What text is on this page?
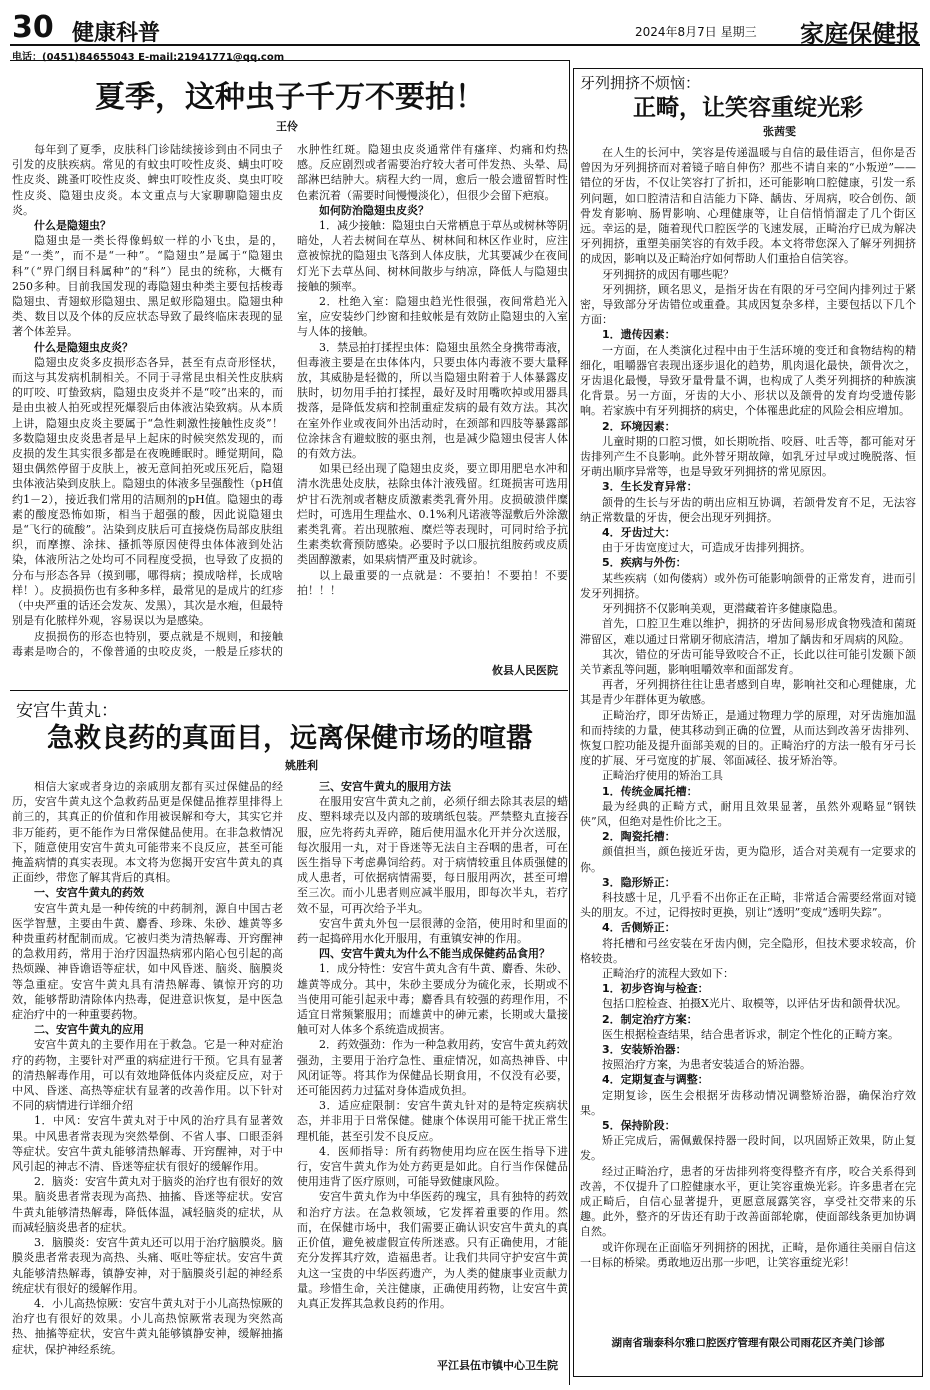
30 健康科普	2024年8月7日 星期三 家庭保健报
电话：(0451)84655043 E-mail:21941771@qq.com
夏季，这种虫子千万不要拍！
王伶

每年到了夏季，皮肤科门诊陆续接诊到由不同虫子引发的皮肤疾病。常见的有蚊虫叮咬性皮炎、螨虫叮咬性皮炎、跳蚤叮咬性皮炎、蜱虫叮咬性皮炎、臭虫叮咬性皮炎、隐翅虫皮炎。本文重点与大家聊聊隐翅虫皮炎。

什么是隐翅虫？

隐翅虫是一类长得像蚂蚁一样的小飞虫，是的，是“一类”，而不是“一种”。“隐翅虫”是属于“隐翅虫科”（“界门纲目科属种”的“科”）昆虫的统称，大概有250多种。目前我国发现的毒隐翅虫种类主要包括梭毒隐翅虫、青翅蚁形隐翅虫、黑足蚁形隐翅虫。隐翅虫种类、数目以及个体的反应状态导致了最终临床表现的显著个体差异。

什么是隐翅虫皮炎？

隐翅虫皮炎多皮损形态各异，甚至有点奇形怪状，而这与其发病机制相关。不同于寻常昆虫相关性皮肤病的叮咬、叮蛰致病，隐翅虫皮炎并不是“咬”出来的，而是由虫被人拍死或捏死爆裂后由体液沾染致病。从本质上讲，隐翅虫皮炎主要属于“急性刺激性接触性皮炎”！多数隐翅虫皮炎患者是早上起床的时候突然发现的，而皮损的发生其实很多都是在夜晚睡眠时。睡觉期间，隐翅虫偶然停留于皮肤上，被无意间拍死或压死后，隐翅虫体液沾染到皮肤上。隐翅虫的体液多呈强酸性（pH值约1－2），接近我们常用的洁厕剂的pH值。隐翅虫的毒素的酸度恐怖如斯，相当于超强的酸，因此说隐翅虫是“飞行的硫酸”。沾染到皮肤后可直接烧伤局部皮肤组织，而摩擦、涂抹、搔抓等原因使得虫体体液到处沾染，体液所沾之处均可不同程度受损，也导致了皮损的分布与形态各异（摸到哪，哪得病；摸成啥样，长成啥样！）。皮损损伤也有多种多样，最常见的是成片的红疹（中央严重的话还会发灰、发黑），其次是水疱，但最特别是有化脓样外观，容易误以为是感染。

皮损损伤的形态也特别，要点就是不规则，和接触毒素是吻合的，不像普通的虫咬皮炎，一般是丘疹状的水肿性红斑。隐翅虫皮炎通常伴有瘙痒、灼痛和灼热感。反应剧烈或者需要治疗较大者可伴发热、头晕、局部淋巴结肿大。病程大约一周，愈后一般会遗留暂时性色素沉着（需要时间慢慢淡化），但很少会留下疤痕。

如何防治隐翅虫皮炎？

1．减少接触：隐翅虫白天常栖息于草丛或树林等阴暗处，人若去树间在草丛、树林间和林区作业时，应注意被惊扰的隐翅虫飞落到人体皮肤，尤其要减少在夜间灯光下去草丛间、树林间散步与纳凉，降低人与隐翅虫接触的频率。

2．杜绝入室：隐翅虫趋光性很强，夜间常趋光入室，应安装纱门纱窗和挂蚊帐是有效防止隐翅虫的入室与人体的接触。

3．禁忌拍打揉捏虫体：隐翅虫虽然全身携带毒液，但毒液主要是在虫体体内，只要虫体内毒液不要大量释放，其威胁是轻微的，所以当隐翅虫附着于人体暴露皮肤时，切勿用手拍打揉捏，最好及时用嘴吹掉或用器具拨落，是降低发病和控制重症发病的最有效方法。其次在室外作业或夜间外出活动时，在颈部和四肢等暴露部位涂抹含有避蚊胺的驱虫剂，也是减少隐翅虫侵害人体的有效方法。

如果已经出现了隐翅虫皮炎，要立即用肥皂水冲和清水洗患处皮肤，祛除虫体汁液残留。红斑损害可选用炉甘石洗剂或者糖皮质激素类乳膏外用。皮损破溃伴糜烂时，可选用生理盐水、0.1%利凡诺液等湿敷后外涂激素类乳膏。若出现脓疱、糜烂等表现时，可同时给予抗生素类软膏预防感染。必要时予以口服抗组胺药或皮质类固醇激素，如果病情严重及时就诊。

以上最重要的一点就是：不要拍！不要拍！不要拍！！！

攸县人民医院
安宫牛黄丸：
急救良药的真面目，远离保健市场的喧嚣
姚胜利

相信大家或者身边的亲戚朋友都有买过保健品的经历，安宫牛黄丸这个急救药品更是保健品推荐里排得上前三的，其真正的价值和作用被误解和夸大，其实它并非万能药，更不能作为日常保健品使用。在非急救情况下，随意使用安宫牛黄丸可能带来不良反应，甚至可能掩盖病情的真实表现。本文将为您揭开安宫牛黄丸的真正面纱，带您了解其背后的真相。

一、安宫牛黄丸的药效

安宫牛黄丸是一种传统的中药制剂，源自中国古老医学智慧，主要由牛黄、麝香、珍珠、朱砂、雄黄等多种贵重药材配制而成。它被归类为清热解毒、开窍醒神的急救用药，常用于治疗因温热病邪内陷心包引起的高热烦躁、神昏谵语等症状，如中风昏迷、脑炎、脑膜炎等急重症。安宫牛黄丸具有清热解毒、镇惊开窍的功效，能够帮助清除体内热毒，促进意识恢复，是中医急症治疗中的一种重要药物。

二、安宫牛黄丸的应用

安宫牛黄丸的主要作用在于救急。它是一种对症治疗的药物，主要针对严重的病症进行干预。它具有显著的清热解毒作用，可以有效地降低体内炎症反应，对于中风、昏迷、高热等症状有显著的改善作用。以下针对不同的病情进行详细介绍

1．中风：安宫牛黄丸对于中风的治疗具有显著效果。中风患者常表现为突然晕倒、不省人事、口眼歪斜等症状。安宫牛黄丸能够清热解毒、开窍醒神，对于中风引起的神志不清、昏迷等症状有很好的缓解作用。

2．脑炎：安宫牛黄丸对于脑炎的治疗也有很好的效果。脑炎患者常表现为高热、抽搐、昏迷等症状。安宫牛黄丸能够清热解毒，降低体温，减轻脑炎的症状，从而减轻脑炎患者的症状。

3．脑膜炎：安宫牛黄丸还可以用于治疗脑膜炎。脑膜炎患者常表现为高热、头痛、呕吐等症状。安宫牛黄丸能够清热解毒，镇静安神，对于脑膜炎引起的神经系统症状有很好的缓解作用。

4．小儿高热惊厥：安宫牛黄丸对于小儿高热惊厥的治疗也有很好的效果。小儿高热惊厥常表现为突然高热、抽搐等症状，安宫牛黄丸能够镇静安神，缓解抽搐症状，保护神经系统。

三、安宫牛黄丸的服用方法

在服用安宫牛黄丸之前，必须仔细去除其表层的蜡皮、塑料球壳以及内部的玻璃纸包装。严禁整丸直接吞服，应先将药丸弄碎，随后使用温水化开并分次送服，每次服用一丸，对于昏迷等无法自主吞咽的患者，可在医生指导下考虑鼻饲给药。对于病情较重且体质强健的成人患者，可依据病情需要，每日服用两次，甚至可增至三次。而小儿患者则应减半服用，即每次半丸，若疗效不显，可再次给予半丸。

安宫牛黄丸外包一层很薄的金箔，使用时和里面的药一起捣碎用水化开服用，有重镇安神的作用。

四、安宫牛黄丸为什么不能当成保健药品食用？

1．成分特性：安宫牛黄丸含有牛黄、麝香、朱砂、雄黄等成分。其中，朱砂主要成分为硫化汞，长期或不当使用可能引起汞中毒；麝香具有较强的药理作用，不适宜日常频繁服用；而雄黄中的砷元素，长期或大量接触可对人体多个系统造成损害。

2．药效强劲：作为一种急救用药，安宫牛黄丸药效强劲，主要用于治疗急性、重症情况，如高热神昏、中风闭证等。将其作为保健品长期食用，不仅没有必要，还可能因药力过猛对身体造成负担。

3．适应症限制：安宫牛黄丸针对的是特定疾病状态，并非用于日常保健。健康个体误用可能干扰正常生理机能，甚至引发不良反应。

4．医师指导：所有药物使用均应在医生指导下进行，安宫牛黄丸作为处方药更是如此。自行当作保健品使用违背了医疗原则，可能导致健康风险。

安宫牛黄丸作为中华医药的瑰宝，具有独特的药效和治疗方法。在急救领域，它发挥着重要的作用。然而，在保健市场中，我们需要正确认识安宫牛黄丸的真正价值，避免被虚假宣传所迷惑。只有正确使用，才能充分发挥其疗效，造福患者。让我们共同守护安宫牛黄丸这一宝贵的中华医药遗产，为人类的健康事业贡献力量。珍惜生命，关注健康，正确使用药物，让安宫牛黄丸真正发挥其急救良药的作用。

平江县伍市镇中心卫生院
牙列拥挤不烦恼：
正畸，让笑容重绽光彩
张茜雯

在人生的长河中，笑容是传递温暖与自信的最佳语言，但你是否曾因为牙列拥挤而对着镜子暗自伸伤？那些不请自来的“小叛逆”——错位的牙齿，不仅让笑容打了折扣，还可能影响口腔健康，引发一系列问题，如口腔清洁和自洁能力下降、龋齿、牙周病，咬合创伤、颌骨发育影响、肠胃影响、心理健康等，让自信悄悄溜走了几个街区远。幸运的是，随着现代口腔医学的飞速发展，正畸治疗已成为解决牙列拥挤，重塑美丽笑容的有效手段。本文将带您深入了解牙列拥挤的成因，影响以及正畸治疗如何帮助人们重拾自信笑容。

牙列拥挤的成因有哪些呢？

牙列拥挤，顾名思义，是指牙齿在有限的牙弓空间内排列过于紧密，导致部分牙齿错位或重叠。其成因复杂多样，主要包括以下几个方面：

1．遗传因素：

一方面，在人类演化过程中由于生活环境的变迁和食物结构的精细化，咀嚼器官表现出逐步退化的趋势，肌肉退化最快，颌骨次之，牙齿退化最慢，导致牙量骨量不调，也构成了人类牙列拥挤的种族演化背景。另一方面，牙齿的大小、形状以及颌骨的发育均受遗传影响。若家族中有牙列拥挤的病史，个体罹患此症的风险会相应增加。

2．环境因素：

儿童时期的口腔习惯，如长期吮指、咬唇、吐舌等，都可能对牙齿排列产生不良影响。此外替牙期故障，如乳牙过早或过晚脱落、恒牙萌出顺序异常等，也是导致牙列拥挤的常见原因。

3．生长发育异常：

颌骨的生长与牙齿的萌出应相互协调，若颌骨发育不足，无法容纳正常数量的牙齿，便会出现牙列拥挤。

4．牙齿过大：

由于牙齿宽度过大，可造成牙齿排列拥挤。

5．疾病与外伤：

某些疾病（如佝偻病）或外伤可能影响颌骨的正常发育，进而引发牙列拥挤。

牙列拥挤不仅影响美观，更潜藏着许多健康隐患。

首先，口腔卫生难以维护，拥挤的牙齿间易形成食物残渣和菌斑滞留区，难以通过日常刷牙彻底清洁，增加了龋齿和牙周病的风险。

其次，错位的牙齿可能导致咬合不正，长此以往可能引发颞下颌关节紊乱等问题，影响咀嚼效率和面部发育。

再者，牙列拥挤往往让患者感到自卑，影响社交和心理健康，尤其是青少年群体更为敏感。

正畸治疗，即牙齿矫正，是通过物理力学的原理，对牙齿施加温和而持续的力量，使其移动到正确的位置，从而达到改善牙齿排列、恢复口腔功能及提升面部美观的目的。正畸治疗的方法一般有牙弓长度的扩展、牙弓宽度的扩展、邻面减径、拔牙矫治等。

正畸治疗使用的矫治工具

1．传统金属托槽：

最为经典的正畸方式，耐用且效果显著，虽然外观略显“钢铁侠”风，但绝对是性价比之王。

2．陶瓷托槽：

颜值担当，颜色接近牙齿，更为隐形，适合对美观有一定要求的你。

3．隐形矫正：

科技感十足，几乎看不出你正在正畸，非常适合需要经常面对镜头的朋友。不过，记得按时更换，别让“透明”变成“透明失踪”。

4．舌侧矫正：

将托槽和弓丝安装在牙齿内侧，完全隐形，但技术要求较高，价格较贵。

正畸治疗的流程大致如下：

1．初步咨询与检查：

包括口腔检查、拍摄X光片、取模等，以评估牙齿和颌骨状况。

2．制定治疗方案：

医生根据检查结果，结合患者诉求，制定个性化的正畸方案。

3．安装矫治器：

按照治疗方案，为患者安装适合的矫治器。

4．定期复查与调整：

定期复诊，医生会根据牙齿移动情况调整矫治器，确保治疗效果。

5．保持阶段：

矫正完成后，需佩戴保持器一段时间，以巩固矫正效果，防止复发。

经过正畸治疗，患者的牙齿排列将变得整齐有序，咬合关系得到改善，不仅提升了口腔健康水平，更让笑容重焕光彩。许多患者在完成正畸后，自信心显著提升，更愿意展露笑容，享受社交带来的乐趣。此外，整齐的牙齿还有助于改善面部轮廓，使面部线条更加协调自然。

或许你现在正面临牙列拥挤的困扰，正畸，是你通往美丽自信这一目标的桥梁。勇敢地迈出那一步吧，让笑容重绽光彩！

湖南省瑞泰科尔雅口腔医疗管理有限公司雨花区齐美门诊部
